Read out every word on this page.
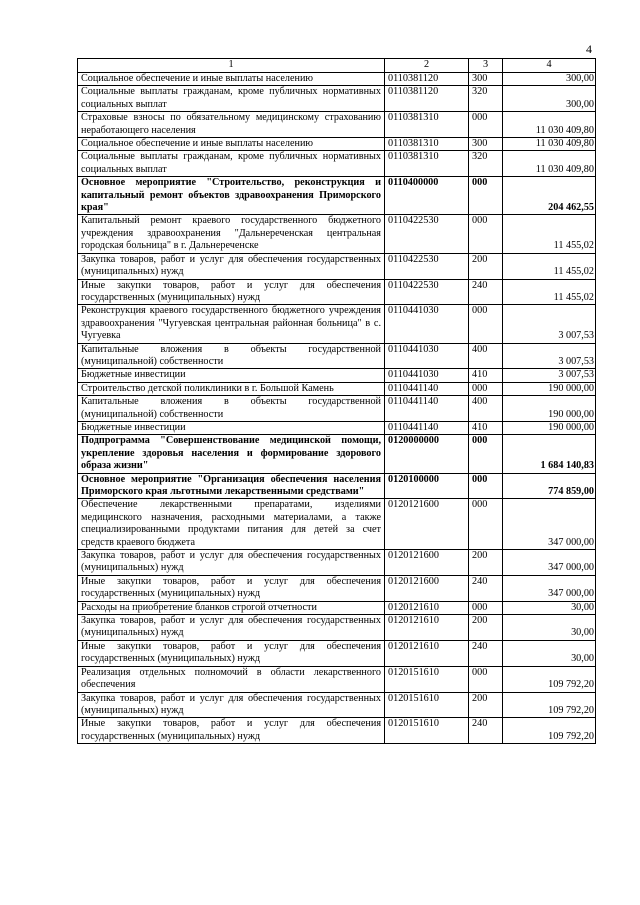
4
1	2	3	4
Социальное обеспечение и иные выплаты населению	0110381120	300	300,00
Социальные выплаты гражданам, кроме публичных нормативных социальных выплат	0110381120	320	300,00
Страховые взносы по обязательному медицинскому страхованию неработающего населения	0110381310	000	11 030 409,80
Социальное обеспечение и иные выплаты населению	0110381310	300	11 030 409,80
Социальные выплаты гражданам, кроме публичных нормативных социальных выплат	0110381310	320	11 030 409,80
Основное мероприятие "Строительство, реконструкция и капитальный ремонт объектов здравоохранения Приморского края"	0110400000	000	204 462,55
Капитальный ремонт краевого государственного бюджетного учреждения здравоохранения "Дальнереченская центральная городская больница" в г. Дальнереченске	0110422530	000	11 455,02
Закупка товаров, работ и услуг для обеспечения государственных (муниципальных) нужд	0110422530	200	11 455,02
Иные закупки товаров, работ и услуг для обеспечения государственных (муниципальных) нужд	0110422530	240	11 455,02
Реконструкция краевого государственного бюджетного учреждения здравоохранения "Чугуевская центральная районная больница" в с. Чугуевка	0110441030	000	3 007,53
Капитальные вложения в объекты государственной (муниципальной) собственности	0110441030	400	3 007,53
Бюджетные инвестиции	0110441030	410	3 007,53
Строительство детской поликлиники в г. Большой Камень	0110441140	000	190 000,00
Капитальные вложения в объекты государственной (муниципальной) собственности	0110441140	400	190 000,00
Бюджетные инвестиции	0110441140	410	190 000,00
Подпрограмма "Совершенствование медицинской помощи, укрепление здоровья населения и формирование здорового образа жизни"	0120000000	000	1 684 140,83
Основное мероприятие "Организация обеспечения населения Приморского края льготными лекарственными средствами"	0120100000	000	774 859,00
Обеспечение лекарственными препаратами, изделиями медицинского назначения, расходными материалами, а также специализированными продуктами питания для детей за счет средств краевого бюджета	0120121600	000	347 000,00
Закупка товаров, работ и услуг для обеспечения государственных (муниципальных) нужд	0120121600	200	347 000,00
Иные закупки товаров, работ и услуг для обеспечения государственных (муниципальных) нужд	0120121600	240	347 000,00
Расходы на приобретение бланков строгой отчетности	0120121610	000	30,00
Закупка товаров, работ и услуг для обеспечения государственных (муниципальных) нужд	0120121610	200	30,00
Иные закупки товаров, работ и услуг для обеспечения государственных (муниципальных) нужд	0120121610	240	30,00
Реализация отдельных полномочий в области лекарственного обеспечения	0120151610	000	109 792,20
Закупка товаров, работ и услуг для обеспечения государственных (муниципальных) нужд	0120151610	200	109 792,20
Иные закупки товаров, работ и услуг для обеспечения государственных (муниципальных) нужд	0120151610	240	109 792,20
